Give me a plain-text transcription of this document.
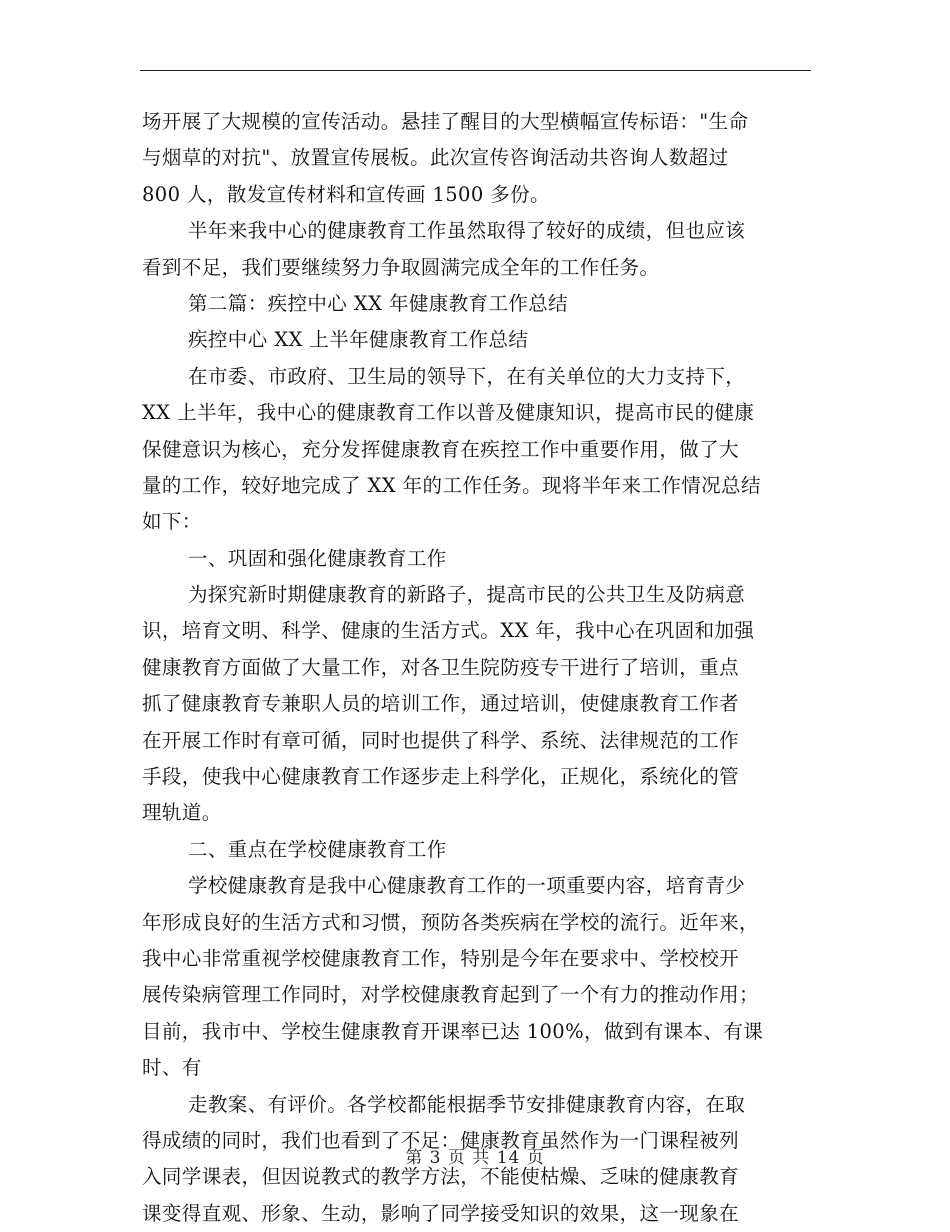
场开展了大规模的宣传活动。悬挂了醒目的大型横幅宣传标语："生命
与烟草的对抗"、放置宣传展板。此次宣传咨询活动共咨询人数超过
800 人，散发宣传材料和宣传画 1500 多份。
半年来我中心的健康教育工作虽然取得了较好的成绩，但也应该
看到不足，我们要继续努力争取圆满完成全年的工作任务。
第二篇：疾控中心 XX 年健康教育工作总结
疾控中心 XX 上半年健康教育工作总结
在市委、市政府、卫生局的领导下，在有关单位的大力支持下，
XX 上半年，我中心的健康教育工作以普及健康知识，提高市民的健康
保健意识为核心，充分发挥健康教育在疾控工作中重要作用，做了大
量的工作，较好地完成了 XX 年的工作任务。现将半年来工作情况总结
如下：
一、巩固和强化健康教育工作
为探究新时期健康教育的新路子，提高市民的公共卫生及防病意
识，培育文明、科学、健康的生活方式。XX 年，我中心在巩固和加强
健康教育方面做了大量工作，对各卫生院防疫专干进行了培训，重点
抓了健康教育专兼职人员的培训工作，通过培训，使健康教育工作者
在开展工作时有章可循，同时也提供了科学、系统、法律规范的工作
手段，使我中心健康教育工作逐步走上科学化，正规化，系统化的管
理轨道。
二、重点在学校健康教育工作
学校健康教育是我中心健康教育工作的一项重要内容，培育青少
年形成良好的生活方式和习惯，预防各类疾病在学校的流行。近年来，
我中心非常重视学校健康教育工作，特别是今年在要求中、学校校开
展传染病管理工作同时，对学校健康教育起到了一个有力的推动作用；
目前，我市中、学校生健康教育开课率已达 100%，做到有课本、有课
时、有
走教案、有评价。各学校都能根据季节安排健康教育内容，在取
得成绩的同时，我们也看到了不足：健康教育虽然作为一门课程被列
入同学课表，但因说教式的教学方法，不能使枯燥、乏味的健康教育
课变得直观、形象、生动，影响了同学接受知识的效果，这一现象在
第 3 页 共 14 页
